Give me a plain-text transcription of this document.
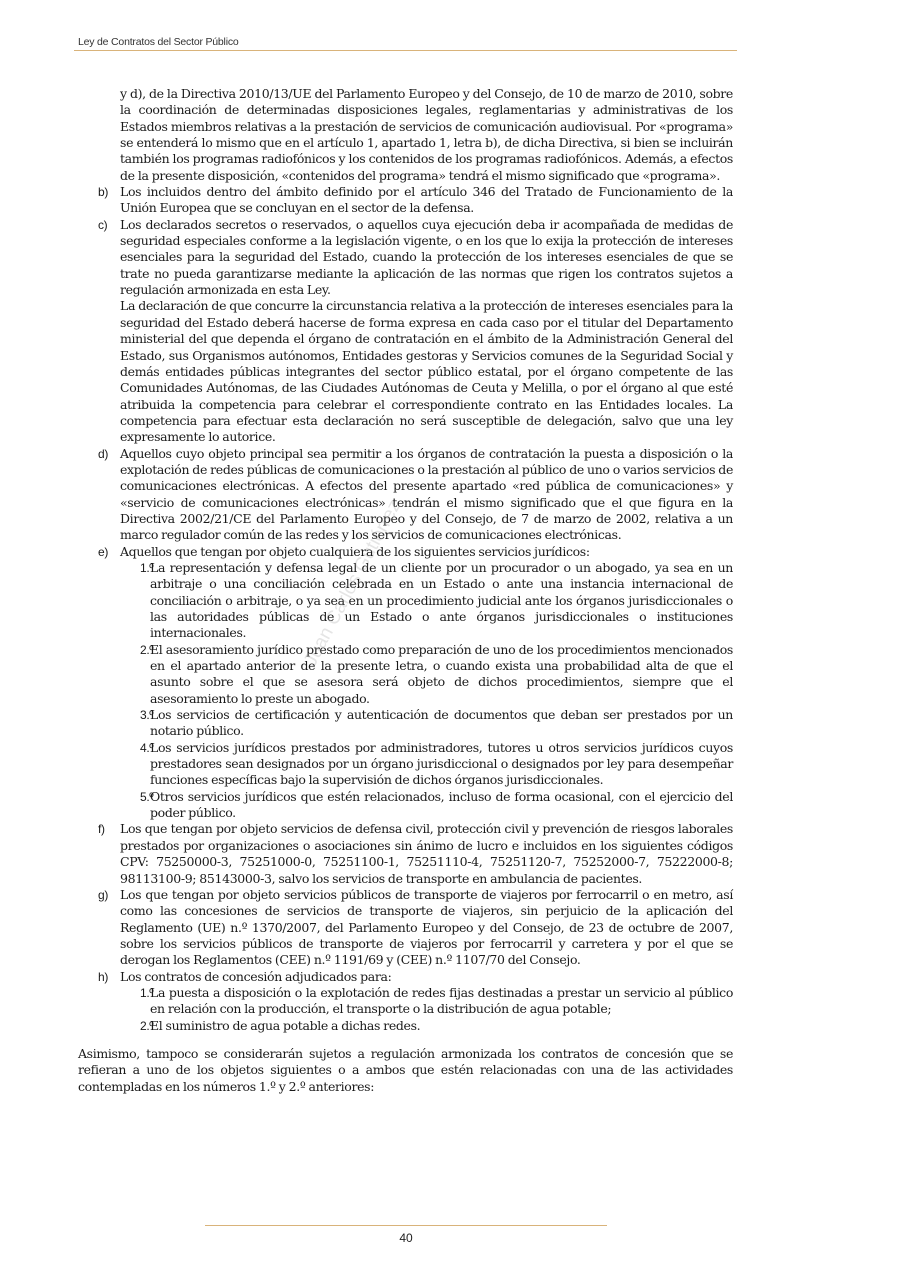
Ley de Contratos del Sector Público

y d), de la Directiva 2010/13/UE del Parlamento Europeo y del Consejo, de 10 de marzo de 2010, sobre la coordinación de determinadas disposiciones legales, reglamentarias y administrativas de los Estados miembros relativas a la prestación de servicios de comunicación audiovisual. Por «programa» se entenderá lo mismo que en el artículo 1, apartado 1, letra b), de dicha Directiva, si bien se incluirán también los programas radiofónicos y los contenidos de los programas radiofónicos. Además, a efectos de la presente disposición, «contenidos del programa» tendrá el mismo significado que «programa».

b) Los incluidos dentro del ámbito definido por el artículo 346 del Tratado de Funcionamiento de la Unión Europea que se concluyan en el sector de la defensa.

c)	Los declarados secretos o reservados, o aquellos cuya ejecución deba ir acompañada de medidas de seguridad especiales conforme a la legislación vigente, o en los que lo exija la protección de intereses esenciales para la seguridad del Estado, cuando la protección de los intereses esenciales de que se trate no pueda garantizarse mediante la aplicación de las normas que rigen los contratos sujetos a regulación armonizada en esta Ley.

La declaración de que concurre la circunstancia relativa a la protección de intereses esenciales para la seguridad del Estado deberá hacerse de forma expresa en cada caso por el titular del Departamento ministerial del que dependa el órgano de contratación en el ámbito de la Administración General del Estado, sus Organismos autónomos, Entidades gestoras y Servicios comunes de la Seguridad Social y demás entidades públicas integrantes del sector público estatal, por el órgano competente de las Comunidades Autónomas, de las Ciudades Autónomas de Ceuta y Melilla, o por el órgano al que esté atribuida la competencia para celebrar el correspondiente contrato en las Entidades locales. La competencia para efectuar esta declaración no será susceptible de delegación, salvo que una ley expresamente lo autorice.

d) Aquellos cuyo objeto principal sea permitir a los órganos de contratación la puesta a disposición o la explotación de redes públicas de comunicaciones o la prestación al público de uno o varios servicios de comunicaciones electrónicas. A efectos del presente apartado «red pública de comunicaciones» y «servicio de comunicaciones electrónicas» tendrán el mismo significado que el que figura en la Directiva 2002/21/CE del Parlamento Europeo y del Consejo, de 7 de marzo de 2002, relativa a un marco regulador común de las redes y los servicios de comunicaciones electrónicas.

e) Aquellos que tengan por objeto cualquiera de los siguientes servicios jurídicos:

1.º

La representación y defensa legal de un cliente por un procurador o un abogado, ya sea en un arbitraje o una conciliación celebrada en un Estado o ante una instancia internacional de conciliación o arbitraje, o ya sea en un procedimiento judicial ante los órganos jurisdiccionales o las autoridades públicas de un Estado o ante órganos jurisdiccionales o instituciones internacionales.

2.º

El asesoramiento jurídico prestado como preparación de uno de los procedimientos mencionados en el apartado anterior de la presente letra, o cuando exista una probabilidad alta de que el asunto sobre el que se asesora será objeto de dichos procedimientos, siempre que el asesoramiento lo preste un abogado.

3.º

Los servicios de certificación y autenticación de documentos que deban ser prestados por un notario público.

4.º

Los servicios jurídicos prestados por administradores, tutores u otros servicios jurídicos cuyos prestadores sean designados por un órgano jurisdiccional o designados por ley para desempeñar funciones específicas bajo la supervisión de dichos órganos jurisdiccionales.

5.º

Otros servicios jurídicos que estén relacionados, incluso de forma ocasional, con el ejercicio del poder público.

f)	Los que tengan por objeto servicios de defensa civil, protección civil y prevención de riesgos laborales prestados por organizaciones o asociaciones sin ánimo de lucro e incluidos en los siguientes códigos CPV: 75250000-3, 75251000-0, 75251100-1, 75251110-4, 75251120-7, 75252000-7, 75222000-8; 98113100-9; 85143000-3, salvo los servicios de transporte en ambulancia de pacientes.

g) Los que tengan por objeto servicios públicos de transporte de viajeros por ferrocarril o en metro, así como las concesiones de servicios de transporte de viajeros, sin perjuicio de la aplicación del Reglamento (UE) n.º 1370/2007, del Parlamento Europeo y del Consejo, de 23 de octubre de 2007, sobre los servicios públicos de transporte de viajeros por ferrocarril y carretera y por el que se derogan los Reglamentos (CEE) n.º 1191/69 y (CEE) n.º 1107/70 del Consejo.

h) Los contratos de concesión adjudicados para:

1.º

La puesta a disposición o la explotación de redes fijas destinadas a prestar un servicio al público en relación con la producción, el transporte o la distribución de agua potable;

2.º

El suministro de agua potable a dichas redes.

Asimismo, tampoco se considerarán sujetos a regulación armonizada los contratos de concesión que se refieran a uno de los objetos siguientes o a ambos que estén relacionadas con una de las actividades contempladas en los números 1.º y 2.º anteriores:

Juan Carlos Gutiérrez
40
